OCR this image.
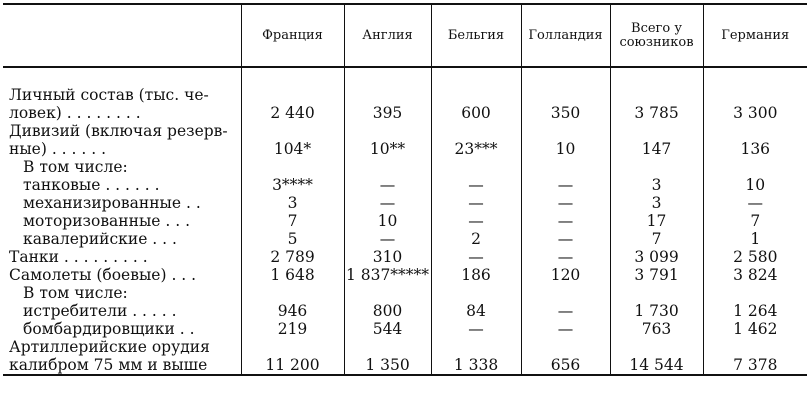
	Франция	Англия	Бельгия	Голландия	Всего у
союзников	Германия

Личный состав (тыс. че-
ловек) . . . . . . . .	2 440	395	600	350	3 785	3 300

Дивизий (включая резерв-
ные) . . . . . .	104*	10**	23***	10	147	136
В том числе:						
танковые . . . . . .	3****	—	—	—	3	10
механизированные . .	3	—	—	—	3	—
моторизованные . . .	7	10	—	—	17	7
кавалерийские . . .	5	—	2	—	7	1
Танки . . . . . . . . .	2 789	310	—	—	3 099	2 580
Самолеты (боевые) . . .	1 648	1 837*****	186	120	3 791	3 824
В том числе:						
истребители . . . . .	946	800	84	—	1 730	1 264
бомбардировщики . .	219	544	—	—	763	1 462

Артиллерийские орудия
калибром 75 мм и выше	11 200	1 350	1 338	656	14 544	7 378
